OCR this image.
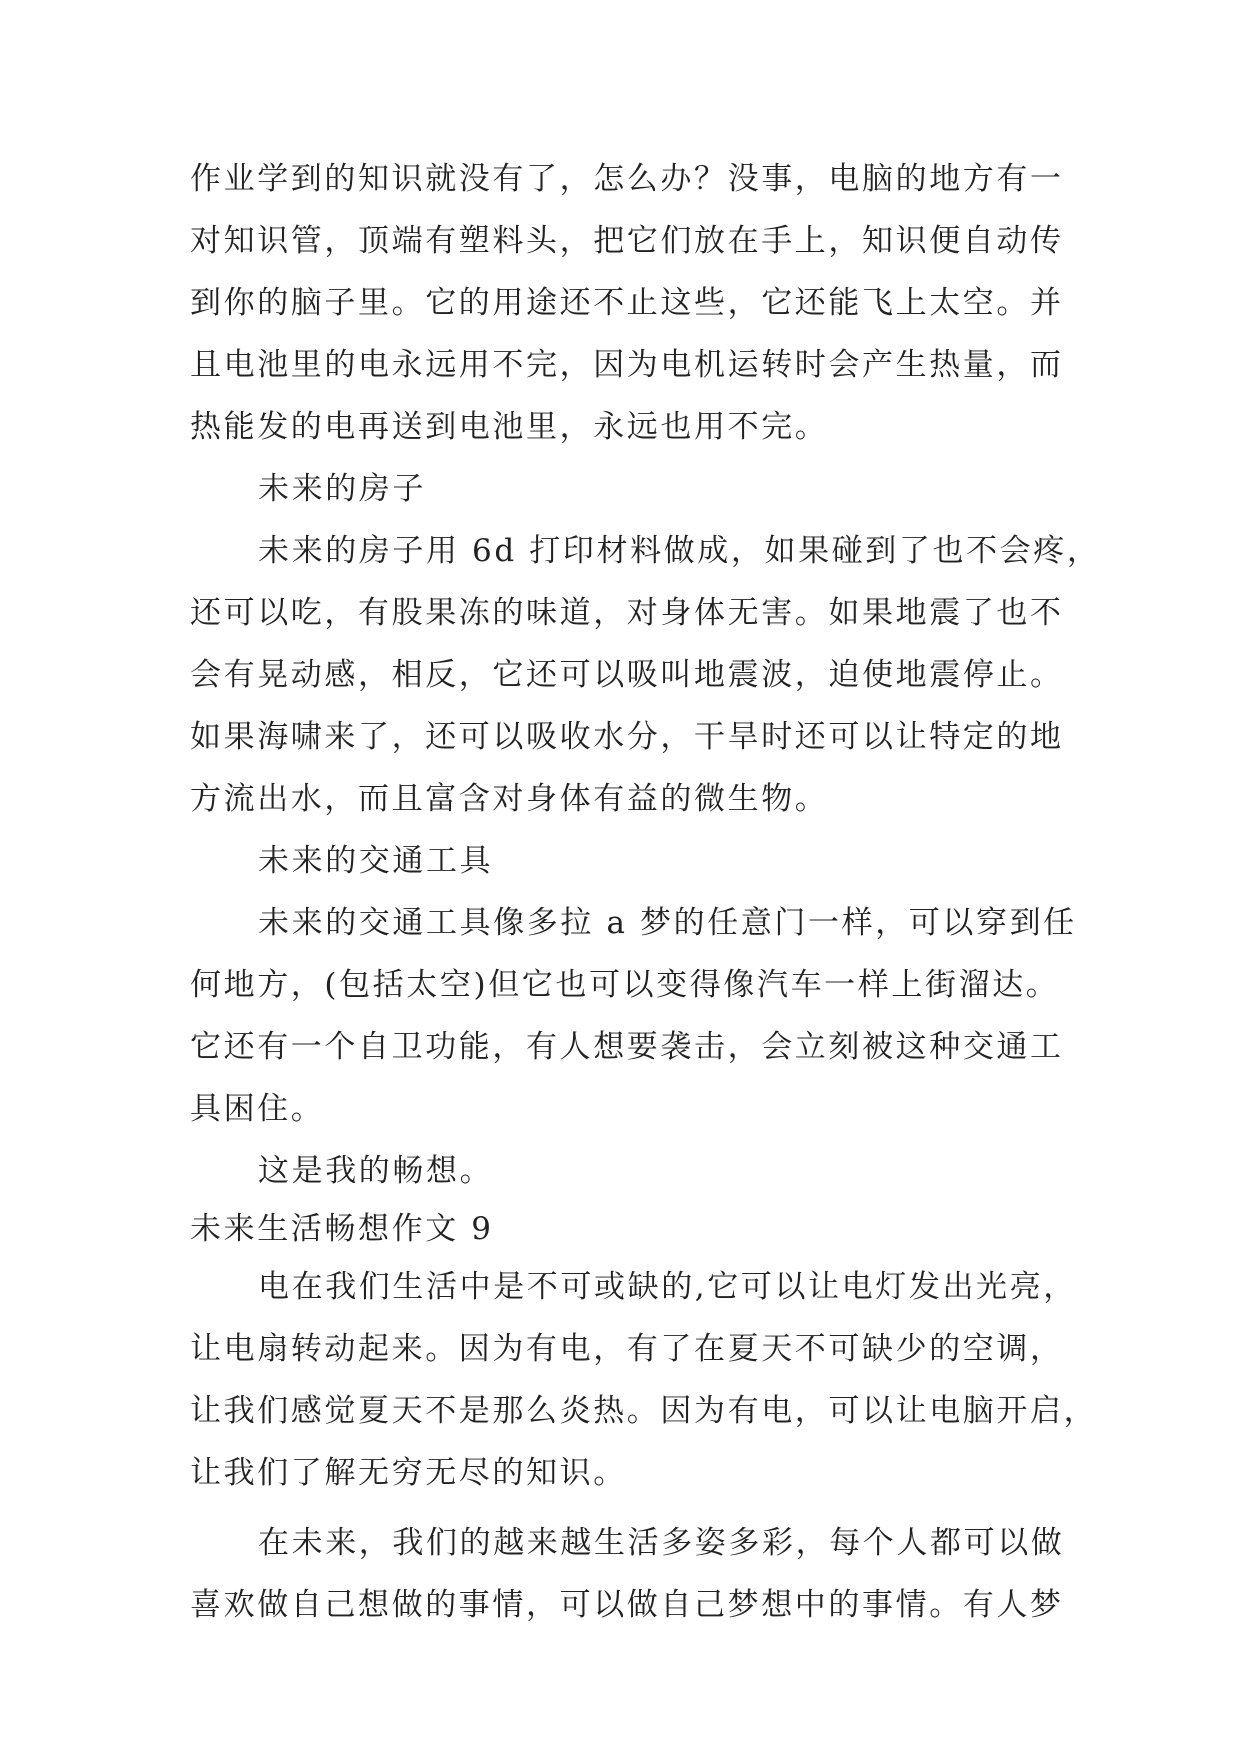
作业学到的知识就没有了，怎么办？没事，电脑的地方有一
对知识管，顶端有塑料头，把它们放在手上，知识便自动传
到你的脑子里。它的用途还不止这些，它还能飞上太空。并
且电池里的电永远用不完，因为电机运转时会产生热量，而
热能发的电再送到电池里，永远也用不完。
未来的房子
未来的房子用 6d 打印材料做成，如果碰到了也不会疼，
还可以吃，有股果冻的味道，对身体无害。如果地震了也不
会有晃动感，相反，它还可以吸叫地震波，迫使地震停止。
如果海啸来了，还可以吸收水分，干旱时还可以让特定的地
方流出水，而且富含对身体有益的微生物。
未来的交通工具
未来的交通工具像多拉 a 梦的任意门一样，可以穿到任
何地方，(包括太空)但它也可以变得像汽车一样上街溜达。
它还有一个自卫功能，有人想要袭击，会立刻被这种交通工
具困住。
这是我的畅想。
未来生活畅想作文 9
电在我们生活中是不可或缺的,它可以让电灯发出光亮，
让电扇转动起来。因为有电，有了在夏天不可缺少的空调，
让我们感觉夏天不是那么炎热。因为有电，可以让电脑开启，
让我们了解无穷无尽的知识。
在未来，我们的越来越生活多姿多彩，每个人都可以做
喜欢做自己想做的事情，可以做自己梦想中的事情。有人梦
